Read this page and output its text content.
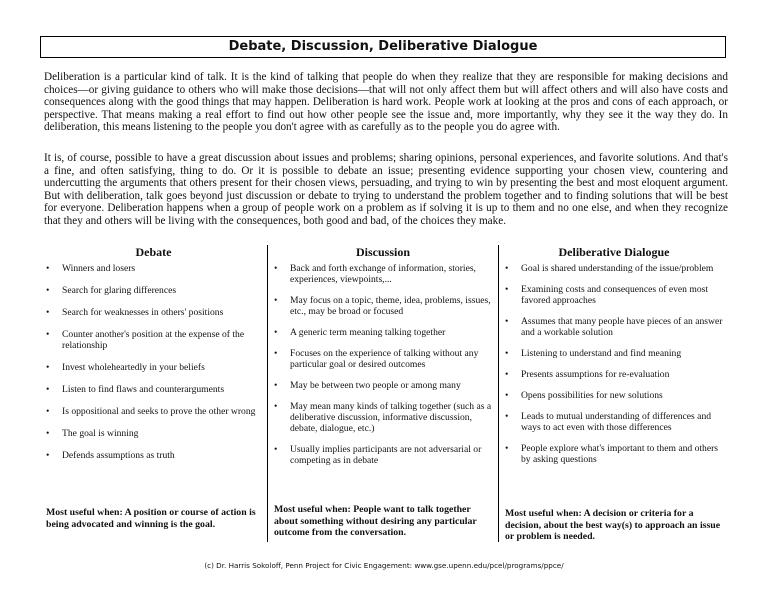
Debate, Discussion, Deliberative Dialogue
Deliberation is a particular kind of talk. It is the kind of talking that people do when they realize that they are responsible for making decisions and choices—or giving guidance to others who will make those decisions—that will not only affect them but will affect others and will also have costs and consequences along with the good things that may happen. Deliberation is hard work. People work at looking at the pros and cons of each approach, or perspective. That means making a real effort to find out how other people see the issue and, more importantly, why they see it the way they do. In deliberation, this means listening to the people you don't agree with as carefully as to the people you do agree with.
It is, of course, possible to have a great discussion about issues and problems; sharing opinions, personal experiences, and favorite solutions. And that's a fine, and often satisfying, thing to do. Or it is possible to debate an issue; presenting evidence supporting your chosen view, countering and undercutting the arguments that others present for their chosen views, persuading, and trying to win by presenting the best and most eloquent argument. But with deliberation, talk goes beyond just discussion or debate to trying to understand the problem together and to finding solutions that will be best for everyone. Deliberation happens when a group of people work on a problem as if solving it is up to them and no one else, and when they recognize that they and others will be living with the consequences, both good and bad, of the choices they make.
Debate
• Winners and losers
• Search for glaring differences
• Search for weaknesses in others' positions
• Counter another's position at the expense of the relationship
• Invest wholeheartedly in your beliefs
• Listen to find flaws and counterarguments
• Is oppositional and seeks to prove the other wrong
• The goal is winning
• Defends assumptions as truth
Most useful when: A position or course of action is being advocated and winning is the goal.
Discussion
• Back and forth exchange of information, stories, experiences, viewpoints,...
• May focus on a topic, theme, idea, problems, issues, etc., may be broad or focused
• A generic term meaning talking together
• Focuses on the experience of talking without any particular goal or desired outcomes
• May be between two people or among many
• May mean many kinds of talking together (such as a deliberative discussion, informative discussion, debate, dialogue, etc.)
• Usually implies participants are not adversarial or competing as in debate
Most useful when: People want to talk together about something without desiring any particular outcome from the conversation.
Deliberative Dialogue
• Goal is shared understanding of the issue/problem
• Examining costs and consequences of even most favored approaches
• Assumes that many people have pieces of an answer and a workable solution
• Listening to understand and find meaning
• Presents assumptions for re-evaluation
• Opens possibilities for new solutions
• Leads to mutual understanding of differences and ways to act even with those differences
• People explore what's important to them and others by asking questions
Most useful when: A decision or criteria for a decision, about the best way(s) to approach an issue or problem is needed.
(c) Dr. Harris Sokoloff, Penn Project for Civic Engagement: www.gse.upenn.edu/pcel/programs/ppce/
